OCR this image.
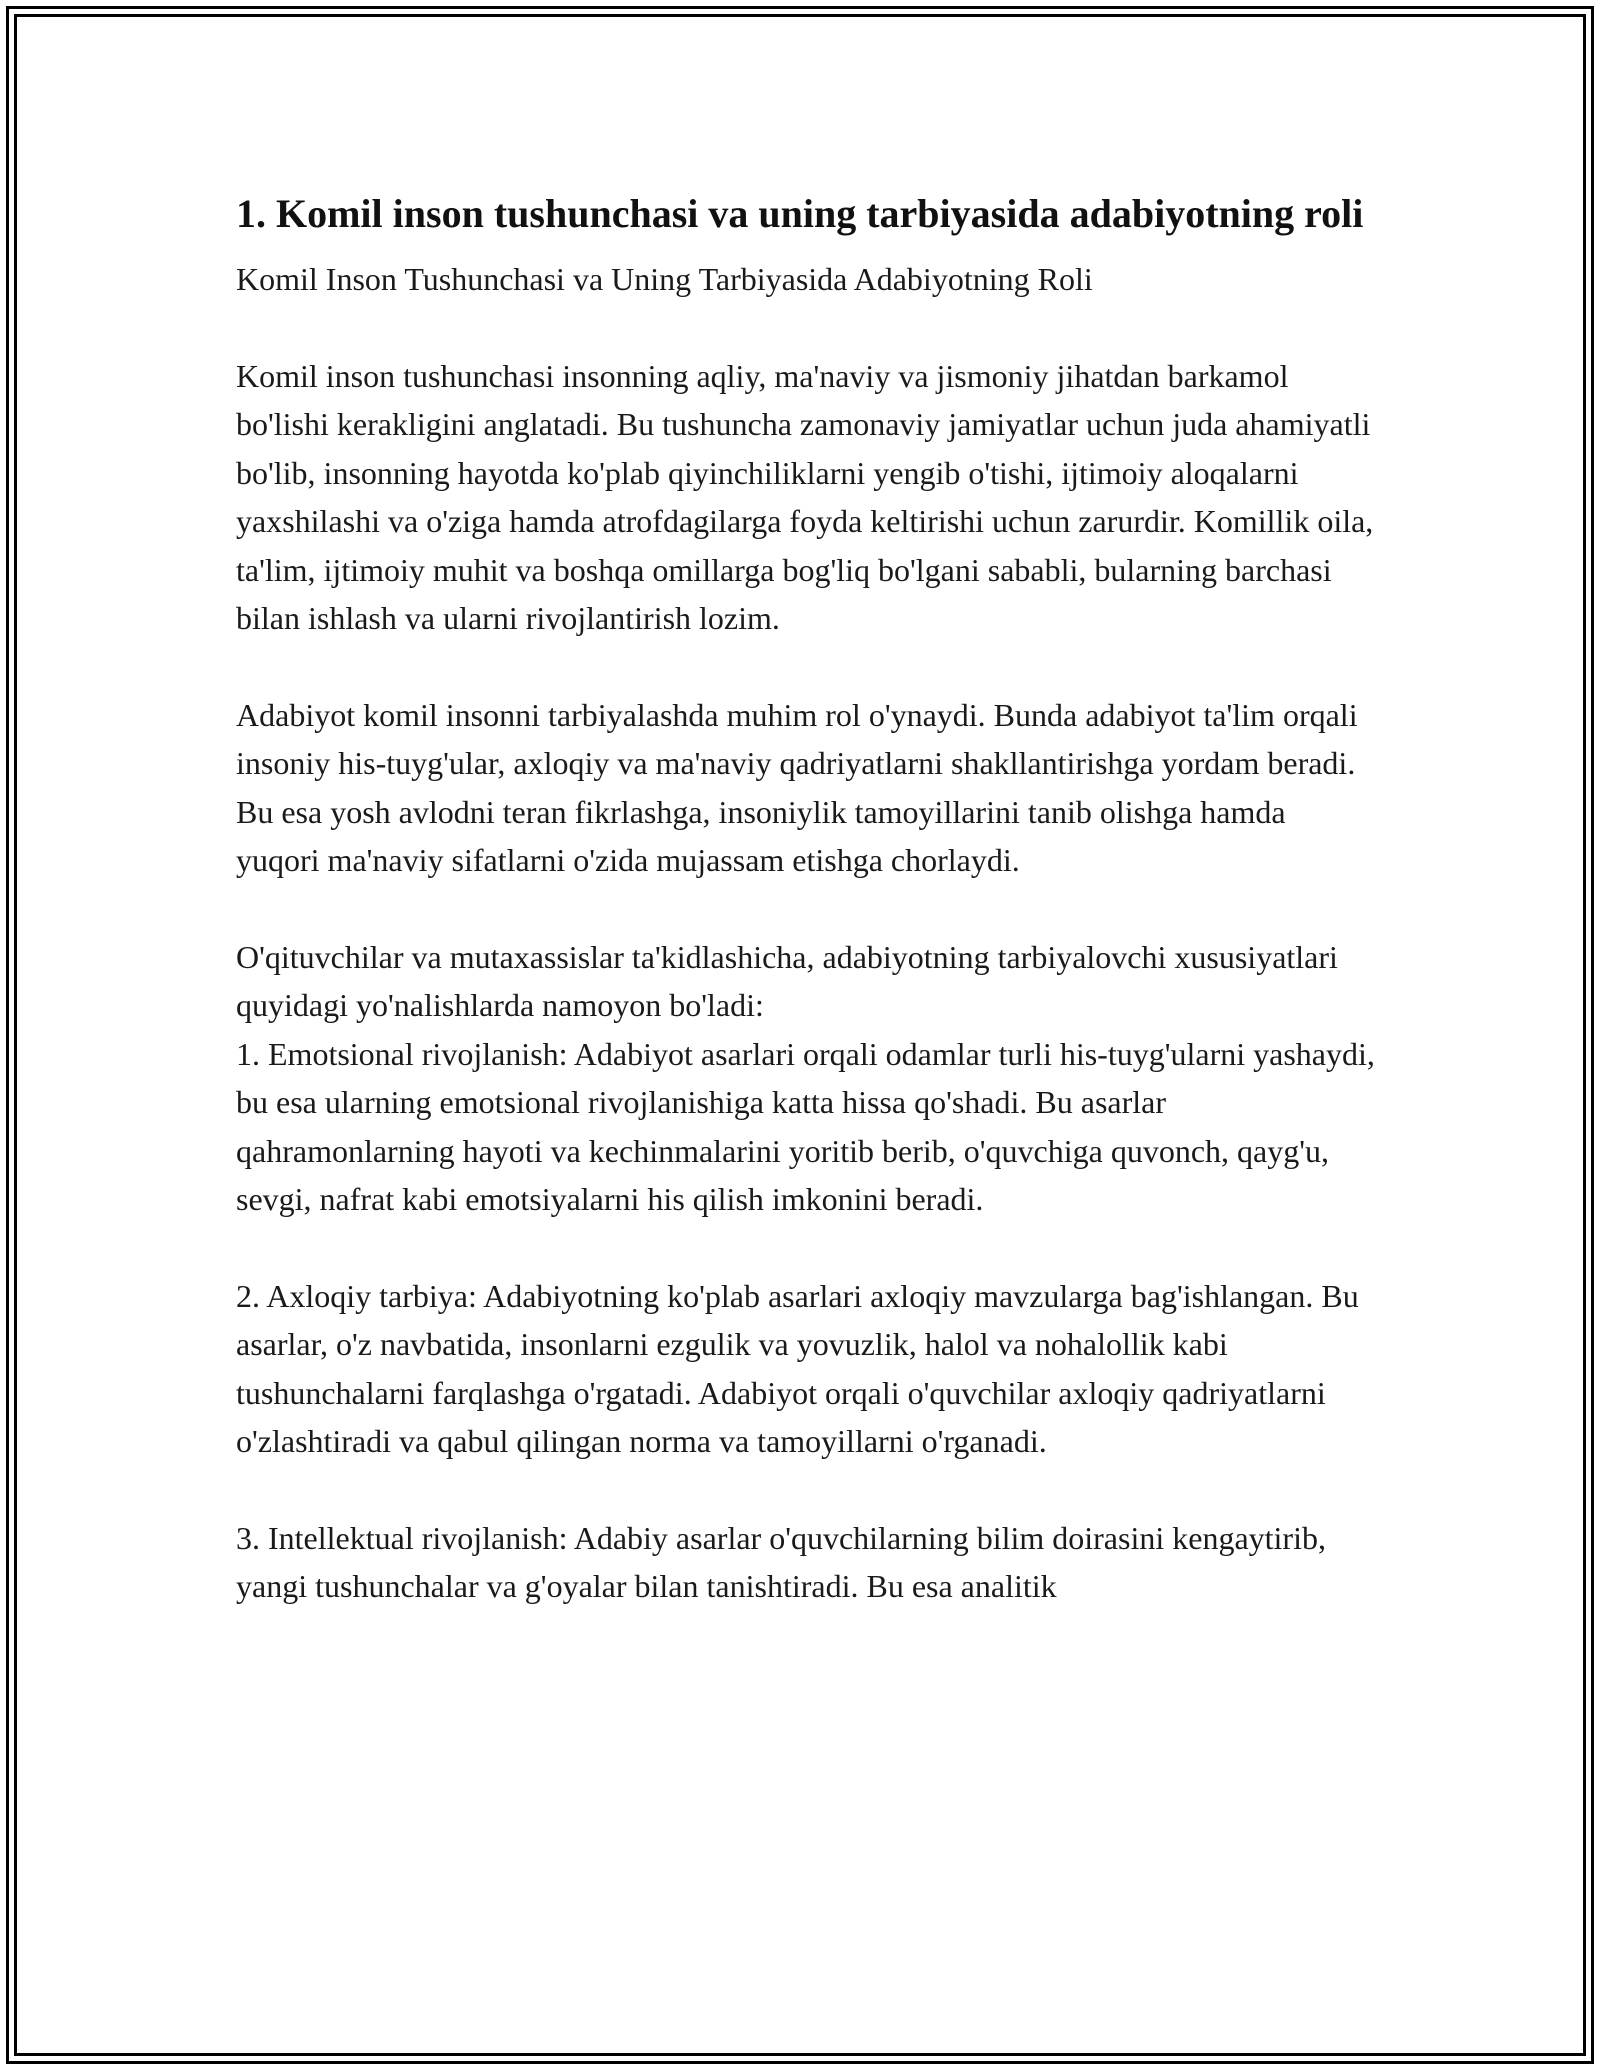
1. Komil inson tushunchasi va uning tarbiyasida adabiyotning roli

Komil Inson Tushunchasi va Uning Tarbiyasida Adabiyotning Roli

Komil inson tushunchasi insonning aqliy, ma'naviy va jismoniy jihatdan barkamol bo'lishi kerakligini anglatadi. Bu tushuncha zamonaviy jamiyatlar uchun juda ahamiyatli bo'lib, insonning hayotda ko'plab qiyinchiliklarni yengib o'tishi, ijtimoiy aloqalarni yaxshilashi va o'ziga hamda atrofdagilarga foyda keltirishi uchun zarurdir. Komillik oila, ta'lim, ijtimoiy muhit va boshqa omillarga bog'liq bo'lgani sababli, bularning barchasi bilan ishlash va ularni rivojlantirish lozim.

Adabiyot komil insonni tarbiyalashda muhim rol o'ynaydi. Bunda adabiyot ta'lim orqali insoniy his-tuyg'ular, axloqiy va ma'naviy qadriyatlarni shakllantirishga yordam beradi. Bu esa yosh avlodni teran fikrlashga, insoniylik tamoyillarini tanib olishga hamda yuqori ma'naviy sifatlarni o'zida mujassam etishga chorlaydi.

O'qituvchilar va mutaxassislar ta'kidlashicha, adabiyotning tarbiyalovchi xususiyatlari quyidagi yo'nalishlarda namoyon bo'ladi:

1. Emotsional rivojlanish: Adabiyot asarlari orqali odamlar turli his-tuyg'ularni yashaydi, bu esa ularning emotsional rivojlanishiga katta hissa qo'shadi. Bu asarlar qahramonlarning hayoti va kechinmalarini yoritib berib, o'quvchiga quvonch, qayg'u, sevgi, nafrat kabi emotsiyalarni his qilish imkonini beradi.

2. Axloqiy tarbiya: Adabiyotning ko'plab asarlari axloqiy mavzularga bag'ishlangan. Bu asarlar, o'z navbatida, insonlarni ezgulik va yovuzlik, halol va nohalollik kabi tushunchalarni farqlashga o'rgatadi. Adabiyot orqali o'quvchilar axloqiy qadriyatlarni o'zlashtiradi va qabul qilingan norma va tamoyillarni o'rganadi.

3. Intellektual rivojlanish: Adabiy asarlar o'quvchilarning bilim doirasini kengaytirib, yangi tushunchalar va g'oyalar bilan tanishtiradi. Bu esa analitik
